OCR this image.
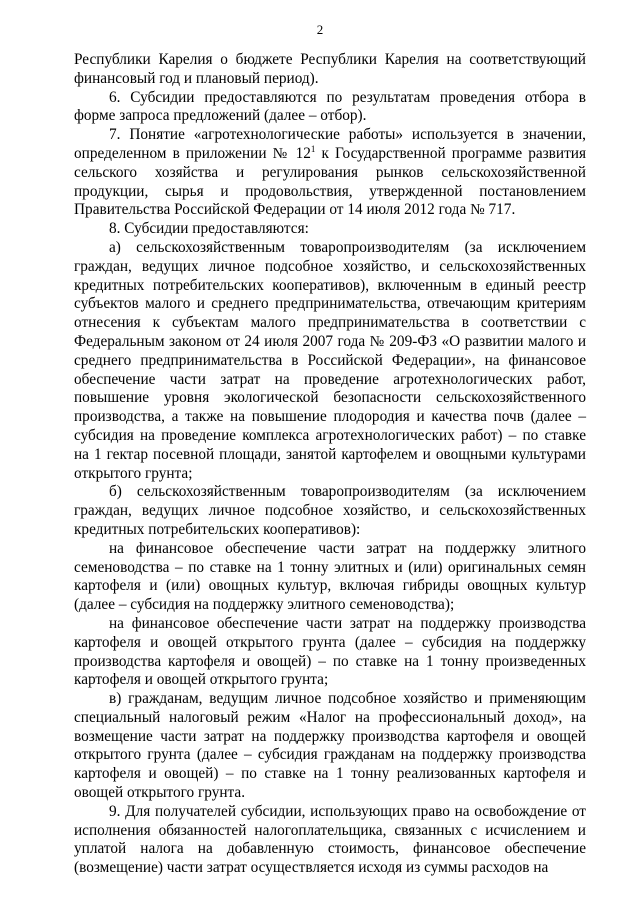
2

Республики Карелия о бюджете Республики Карелия на соответствующий финансовый год и плановый период).

6. Субсидии предоставляются по результатам проведения отбора в форме запроса предложений (далее – отбор).

7. Понятие «агротехнологические работы» используется в значении, определенном в приложении № $12^1$ к Государственной программе развития сельского хозяйства и регулирования рынков сельскохозяйственной продукции, сырья и продовольствия, утвержденной постановлением Правительства Российской Федерации от 14 июля 2012 года № 717.

8. Субсидии предоставляются:

а) сельскохозяйственным товаропроизводителям (за исключением граждан, ведущих личное подсобное хозяйство, и сельскохозяйственных кредитных потребительских кооперативов), включенным в единый реестр субъектов малого и среднего предпринимательства, отвечающим критериям отнесения к субъектам малого предпринимательства в соответствии с Федеральным законом от 24 июля 2007 года № 209-ФЗ «О развитии малого и среднего предпринимательства в Российской Федерации», на финансовое обеспечение части затрат на проведение агротехнологических работ, повышение уровня экологической безопасности сельскохозяйственного производства, а также на повышение плодородия и качества почв (далее – субсидия на проведение комплекса агротехнологических работ) – по ставке на 1 гектар посевной площади, занятой картофелем и овощными культурами открытого грунта;

б) сельскохозяйственным товаропроизводителям (за исключением граждан, ведущих личное подсобное хозяйство, и сельскохозяйственных кредитных потребительских кооперативов):

на финансовое обеспечение части затрат на поддержку элитного семеноводства – по ставке на 1 тонну элитных и (или) оригинальных семян картофеля и (или) овощных культур, включая гибриды овощных культур (далее – субсидия на поддержку элитного семеноводства);

на финансовое обеспечение части затрат на поддержку производства картофеля и овощей открытого грунта (далее – субсидия на поддержку производства картофеля и овощей) – по ставке на 1 тонну произведенных картофеля и овощей открытого грунта;

в) гражданам, ведущим личное подсобное хозяйство и применяющим специальный налоговый режим «Налог на профессиональный доход», на возмещение части затрат на поддержку производства картофеля и овощей открытого грунта (далее – субсидия гражданам на поддержку производства картофеля и овощей) – по ставке на 1 тонну реализованных картофеля и овощей открытого грунта.

9. Для получателей субсидии, использующих право на освобождение от исполнения обязанностей налогоплательщика, связанных с исчислением и уплатой налога на добавленную стоимость, финансовое обеспечение (возмещение) части затрат осуществляется исходя из суммы расходов на
